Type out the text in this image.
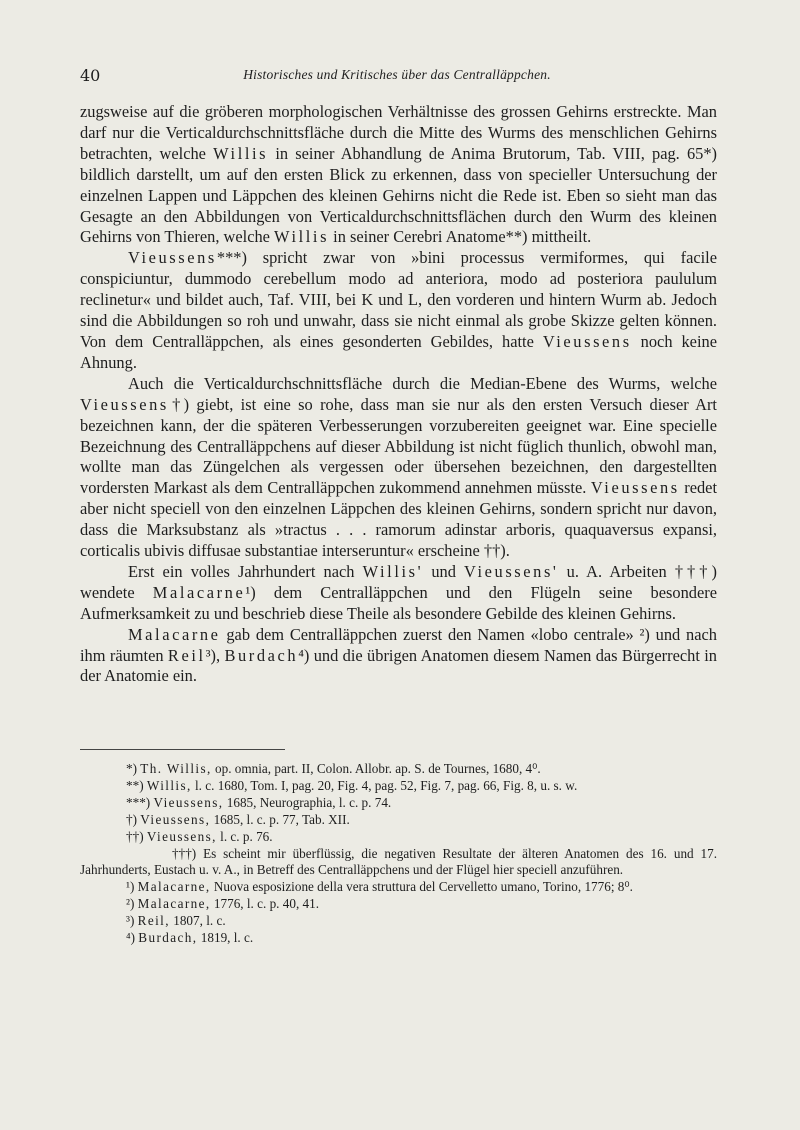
40	Historisches und Kritisches über das Centralläppchen.

zugsweise auf die gröberen morphologischen Verhältnisse des grossen Gehirns erstreckte. Man darf nur die Verticaldurchschnittsfläche durch die Mitte des Wurms des menschlichen Gehirns betrachten, welche Willis in seiner Abhandlung de Anima Brutorum, Tab. VIII, pag. 65*) bildlich darstellt, um auf den ersten Blick zu erkennen, dass von specieller Untersuchung der einzelnen Lappen und Läppchen des kleinen Gehirns nicht die Rede ist. Eben so sieht man das Gesagte an den Abbildungen von Verticaldurchschnittsflächen durch den Wurm des kleinen Gehirns von Thieren, welche Willis in seiner Cerebri Anatome**) mittheilt.

Vieussens***) spricht zwar von »bini processus vermiformes, qui facile conspiciuntur, dummodo cerebellum modo ad anteriora, modo ad posteriora paululum reclinetur« und bildet auch, Taf. VIII, bei K und L, den vorderen und hintern Wurm ab. Jedoch sind die Abbildungen so roh und unwahr, dass sie nicht einmal als grobe Skizze gelten können. Von dem Centralläppchen, als eines gesonderten Gebildes, hatte Vieussens noch keine Ahnung.

Auch die Verticaldurchschnittsfläche durch die Median-Ebene des Wurms, welche Vieussens†) giebt, ist eine so rohe, dass man sie nur als den ersten Versuch dieser Art bezeichnen kann, der die späteren Verbesserungen vorzubereiten geeignet war. Eine specielle Bezeichnung des Centralläppchens auf dieser Abbildung ist nicht füglich thunlich, obwohl man, wollte man das Züngelchen als vergessen oder übersehen bezeichnen, den dargestellten vordersten Markast als dem Centralläppchen zukommend annehmen müsste. Vieussens redet aber nicht speciell von den einzelnen Läppchen des kleinen Gehirns, sondern spricht nur davon, dass die Marksubstanz als »tractus . . . ramorum adinstar arboris, quaquaversus expansi, corticalis ubivis diffusae substantiae interseruntur« erscheine ††).

Erst ein volles Jahrhundert nach Willis' und Vieussens' u. A. Arbeiten †††) wendete Malacarne¹) dem Centralläppchen und den Flügeln seine besondere Aufmerksamkeit zu und beschrieb diese Theile als besondere Gebilde des kleinen Gehirns.

Malacarne gab dem Centralläppchen zuerst den Namen «lobo centrale» ²) und nach ihm räumten Reil³), Burdach⁴) und die übrigen Anatomen diesem Namen das Bürgerrecht in der Anatomie ein.

*) Th. Willis, op. omnia, part. II, Colon. Allobr. ap. S. de Tournes, 1680, 4⁰.

**) Willis, l. c. 1680, Tom. I, pag. 20, Fig. 4, pag. 52, Fig. 7, pag. 66, Fig. 8, u. s. w.

***) Vieussens, 1685, Neurographia, l. c. p. 74.

†) Vieussens, 1685, l. c. p. 77, Tab. XII.

††) Vieussens, l. c. p. 76.

†††) Es scheint mir überflüssig, die negativen Resultate der älteren Anatomen des 16. und 17. Jahrhunderts, Eustach u. v. A., in Betreff des Centralläppchens und der Flügel hier speciell anzuführen.

¹) Malacarne, Nuova esposizione della vera struttura del Cervelletto umano, Torino, 1776; 8⁰.

²) Malacarne, 1776, l. c. p. 40, 41.

³) Reil, 1807, l. c.

⁴) Burdach, 1819, l. c.
